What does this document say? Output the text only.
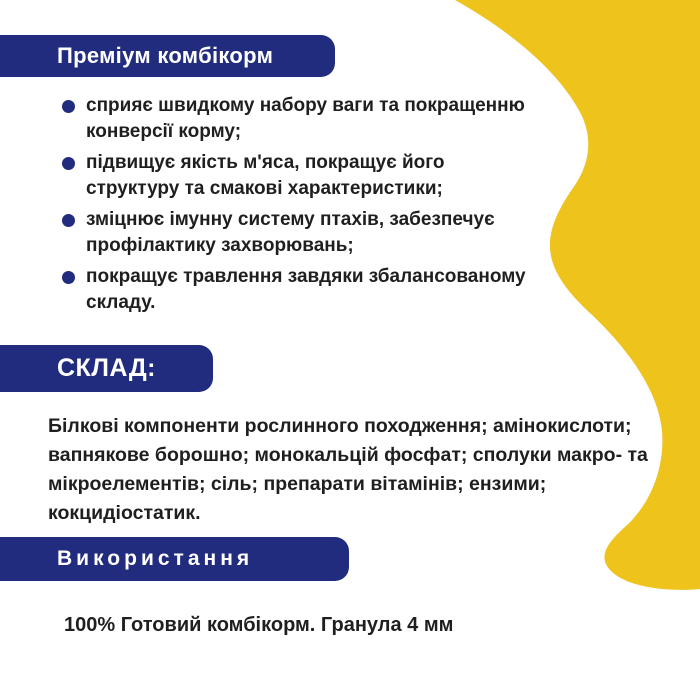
Преміум комбікорм
сприяє швидкому набору ваги та покращенню
конверсії корму;
підвищує якість м'яса, покращує його
структуру та смакові характеристики;
зміцнює імунну систему птахів, забезпечує
профілактику захворювань;
покращує травлення завдяки збалансованому
складу.
СКЛАД:
Білкові компоненти рослинного походження; амінокислоти;
вапнякове борошно; монокальцій фосфат; сполуки макро- та
мікроелементів; сіль; препарати вітамінів; ензими;
кокцидіостатик.
Використання
100% Готовий комбікорм. Гранула 4 мм
